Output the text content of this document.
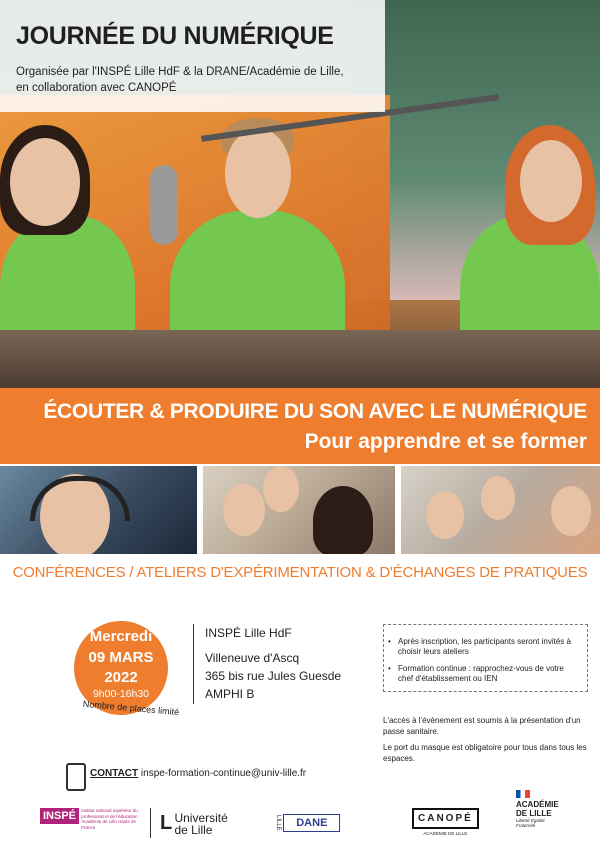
JOURNÉE DU NUMÉRIQUE
Organisée par l'INSPÉ Lille HdF & la DRANE/Académie de Lille,
en collaboration avec CANOPÉ
ÉCOUTER & PRODUIRE DU SON AVEC LE NUMÉRIQUE
Pour apprendre et se former
CONFÉRENCES / ATELIERS D'EXPÉRIMENTATION & D'ÉCHANGES DE PRATIQUES
Mercredi
09 MARS
2022
9h00-16h30
Nombre de places limité
INSPÉ Lille HdF
Villeneuve d'Ascq
365 bis rue Jules Guesde
AMPHI B
• Après inscription, les participants seront invités à choisir leurs ateliers
• Formation continue : rapprochez-vous de votre chef d'établissement ou IEN
L'accès à l'évènement est soumis à la présentation d'un passe sanitaire.
Le port du masque est obligatoire pour tous dans tous les espaces.
CONTACT inspe-formation-continue@univ-lille.fr
INSPÉ Institut national supérieur du professorat et de l'éducation Académie de Lille Hauts de France	L Université
de Lille	LILLE DANE	CANOPÉ
ACADÉMIE DE LILLE
ACADÉMIE
DE LILLE
Liberté Égalité Fraternité
